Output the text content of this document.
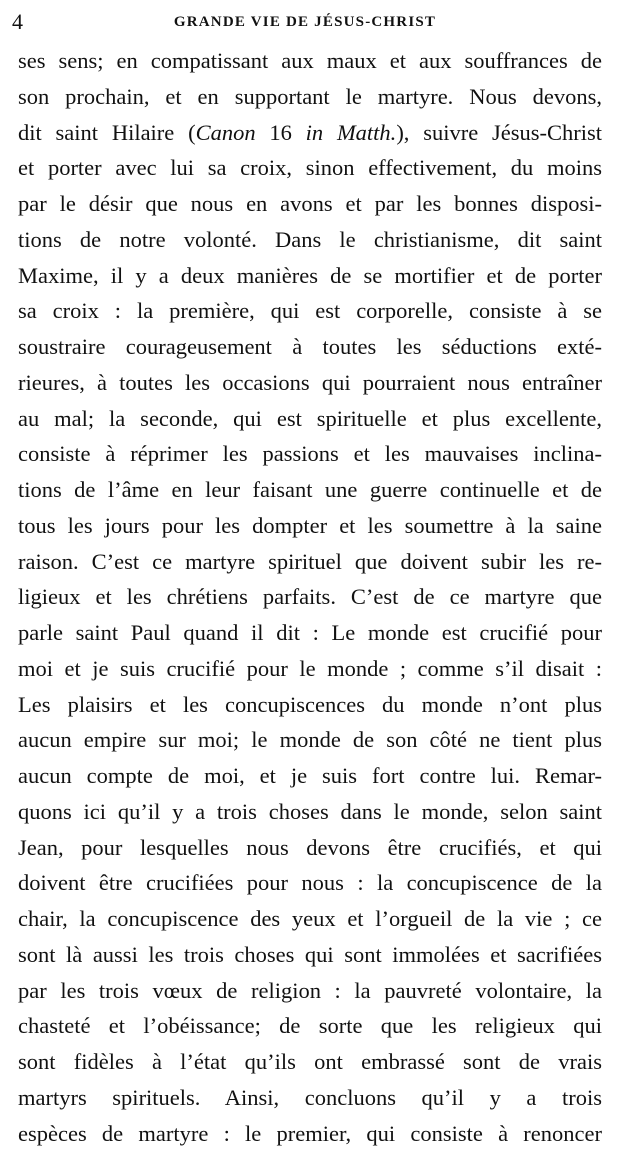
4	GRANDE VIE DE JÉSUS-CHRIST
ses sens; en compatissant aux maux et aux souffrances de
son prochain, et en supportant le martyre. Nous devons,
dit saint Hilaire (Canon 16 in Matth.), suivre Jésus-Christ
et porter avec lui sa croix, sinon effectivement, du moins
par le désir que nous en avons et par les bonnes disposi-
tions de notre volonté. Dans le christianisme, dit saint
Maxime, il y a deux manières de se mortifier et de porter
sa croix : la première, qui est corporelle, consiste à se
soustraire courageusement à toutes les séductions exté-
rieures, à toutes les occasions qui pourraient nous entraîner
au mal; la seconde, qui est spirituelle et plus excellente,
consiste à réprimer les passions et les mauvaises inclina-
tions de l’âme en leur faisant une guerre continuelle et de
tous les jours pour les dompter et les soumettre à la saine
raison. C’est ce martyre spirituel que doivent subir les re-
ligieux et les chrétiens parfaits. C’est de ce martyre que
parle saint Paul quand il dit : Le monde est crucifié pour
moi et je suis crucifié pour le monde ; comme s’il disait :
Les plaisirs et les concupiscences du monde n’ont plus
aucun empire sur moi; le monde de son côté ne tient plus
aucun compte de moi, et je suis fort contre lui. Remar-
quons ici qu’il y a trois choses dans le monde, selon saint
Jean, pour lesquelles nous devons être crucifiés, et qui
doivent être crucifiées pour nous : la concupiscence de la
chair, la concupiscence des yeux et l’orgueil de la vie ; ce
sont là aussi les trois choses qui sont immolées et sacrifiées
par les trois vœux de religion : la pauvreté volontaire, la
chasteté et l’obéissance; de sorte que les religieux qui
sont fidèles à l’état qu’ils ont embrassé sont de vrais
martyrs spirituels. Ainsi, concluons qu’il y a trois
espèces de martyre : le premier, qui consiste à renoncer
